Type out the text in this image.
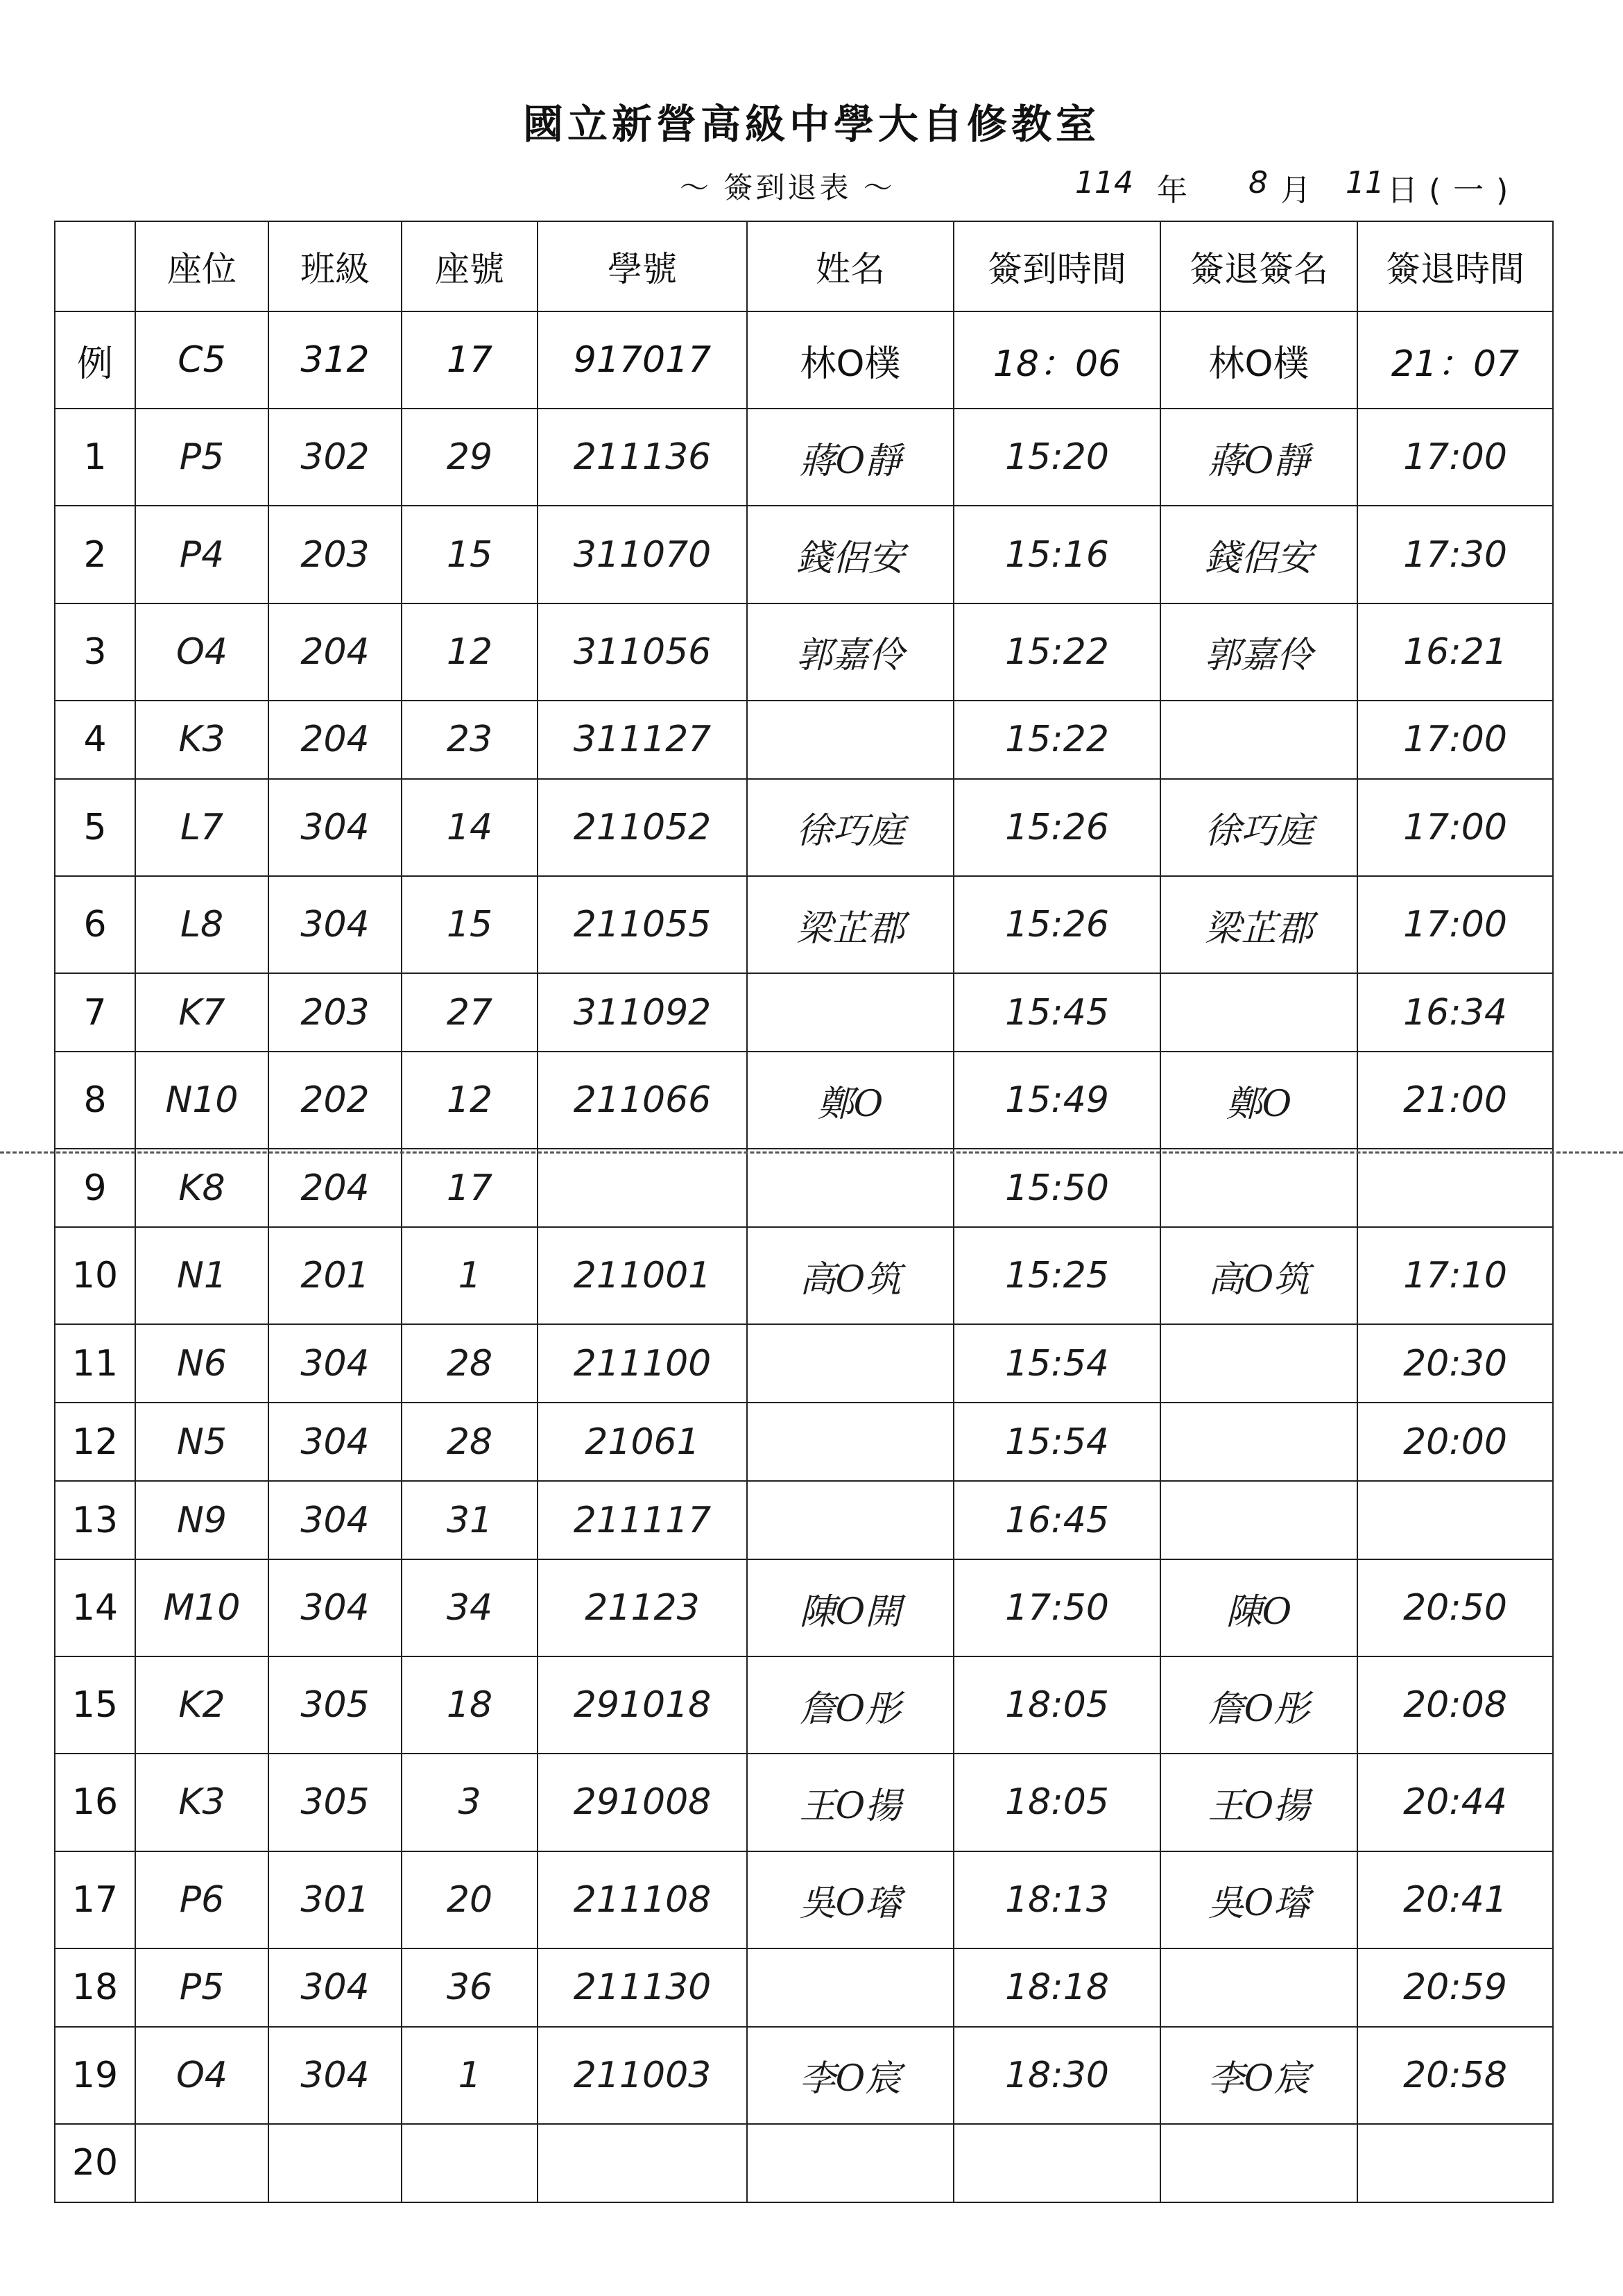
國立新營高級中學大自修教室
〜 簽到退表 〜	114 年 8 月 11 日 (一)
	座位	班級	座號	學號	姓名	簽到時間	簽退簽名	簽退時間
例	C5	312	17	917017	林O樸	18：06	林O樸	21：07
1	P5	302	29	211136	蔣O靜	15:20	蔣O靜	17:00
2	P4	203	15	311070	錢侶安	15:16	錢侶安	17:30
3	O4	204	12	311056	郭嘉伶	15:22	郭嘉伶	16:21
4	K3	204	23	311127		15:22		17:00
5	L7	304	14	211052	徐巧庭	15:26	徐巧庭	17:00
6	L8	304	15	211055	梁芷郡	15:26	梁芷郡	17:00
7	K7	203	27	311092		15:45		16:34
8	N10	202	12	211066	鄭O	15:49	鄭O	21:00
9	K8	204	17			15:50		
10	N1	201	1	211001	高O筑	15:25	高O筑	17:10
11	N6	304	28	211100		15:54		20:30
12	N5	304	28	21061		15:54		20:00
13	N9	304	31	211117		16:45		
14	M10	304	34	21123	陳O開	17:50	陳O	20:50
15	K2	305	18	291018	詹O彤	18:05	詹O彤	20:08
16	K3	305	3	291008	王O揚	18:05	王O揚	20:44
17	P6	301	20	211108	吳O璿	18:13	吳O璿	20:41
18	P5	304	36	211130		18:18		20:59
19	O4	304	1	211003	李O宸	18:30	李O宸	20:58
20								
